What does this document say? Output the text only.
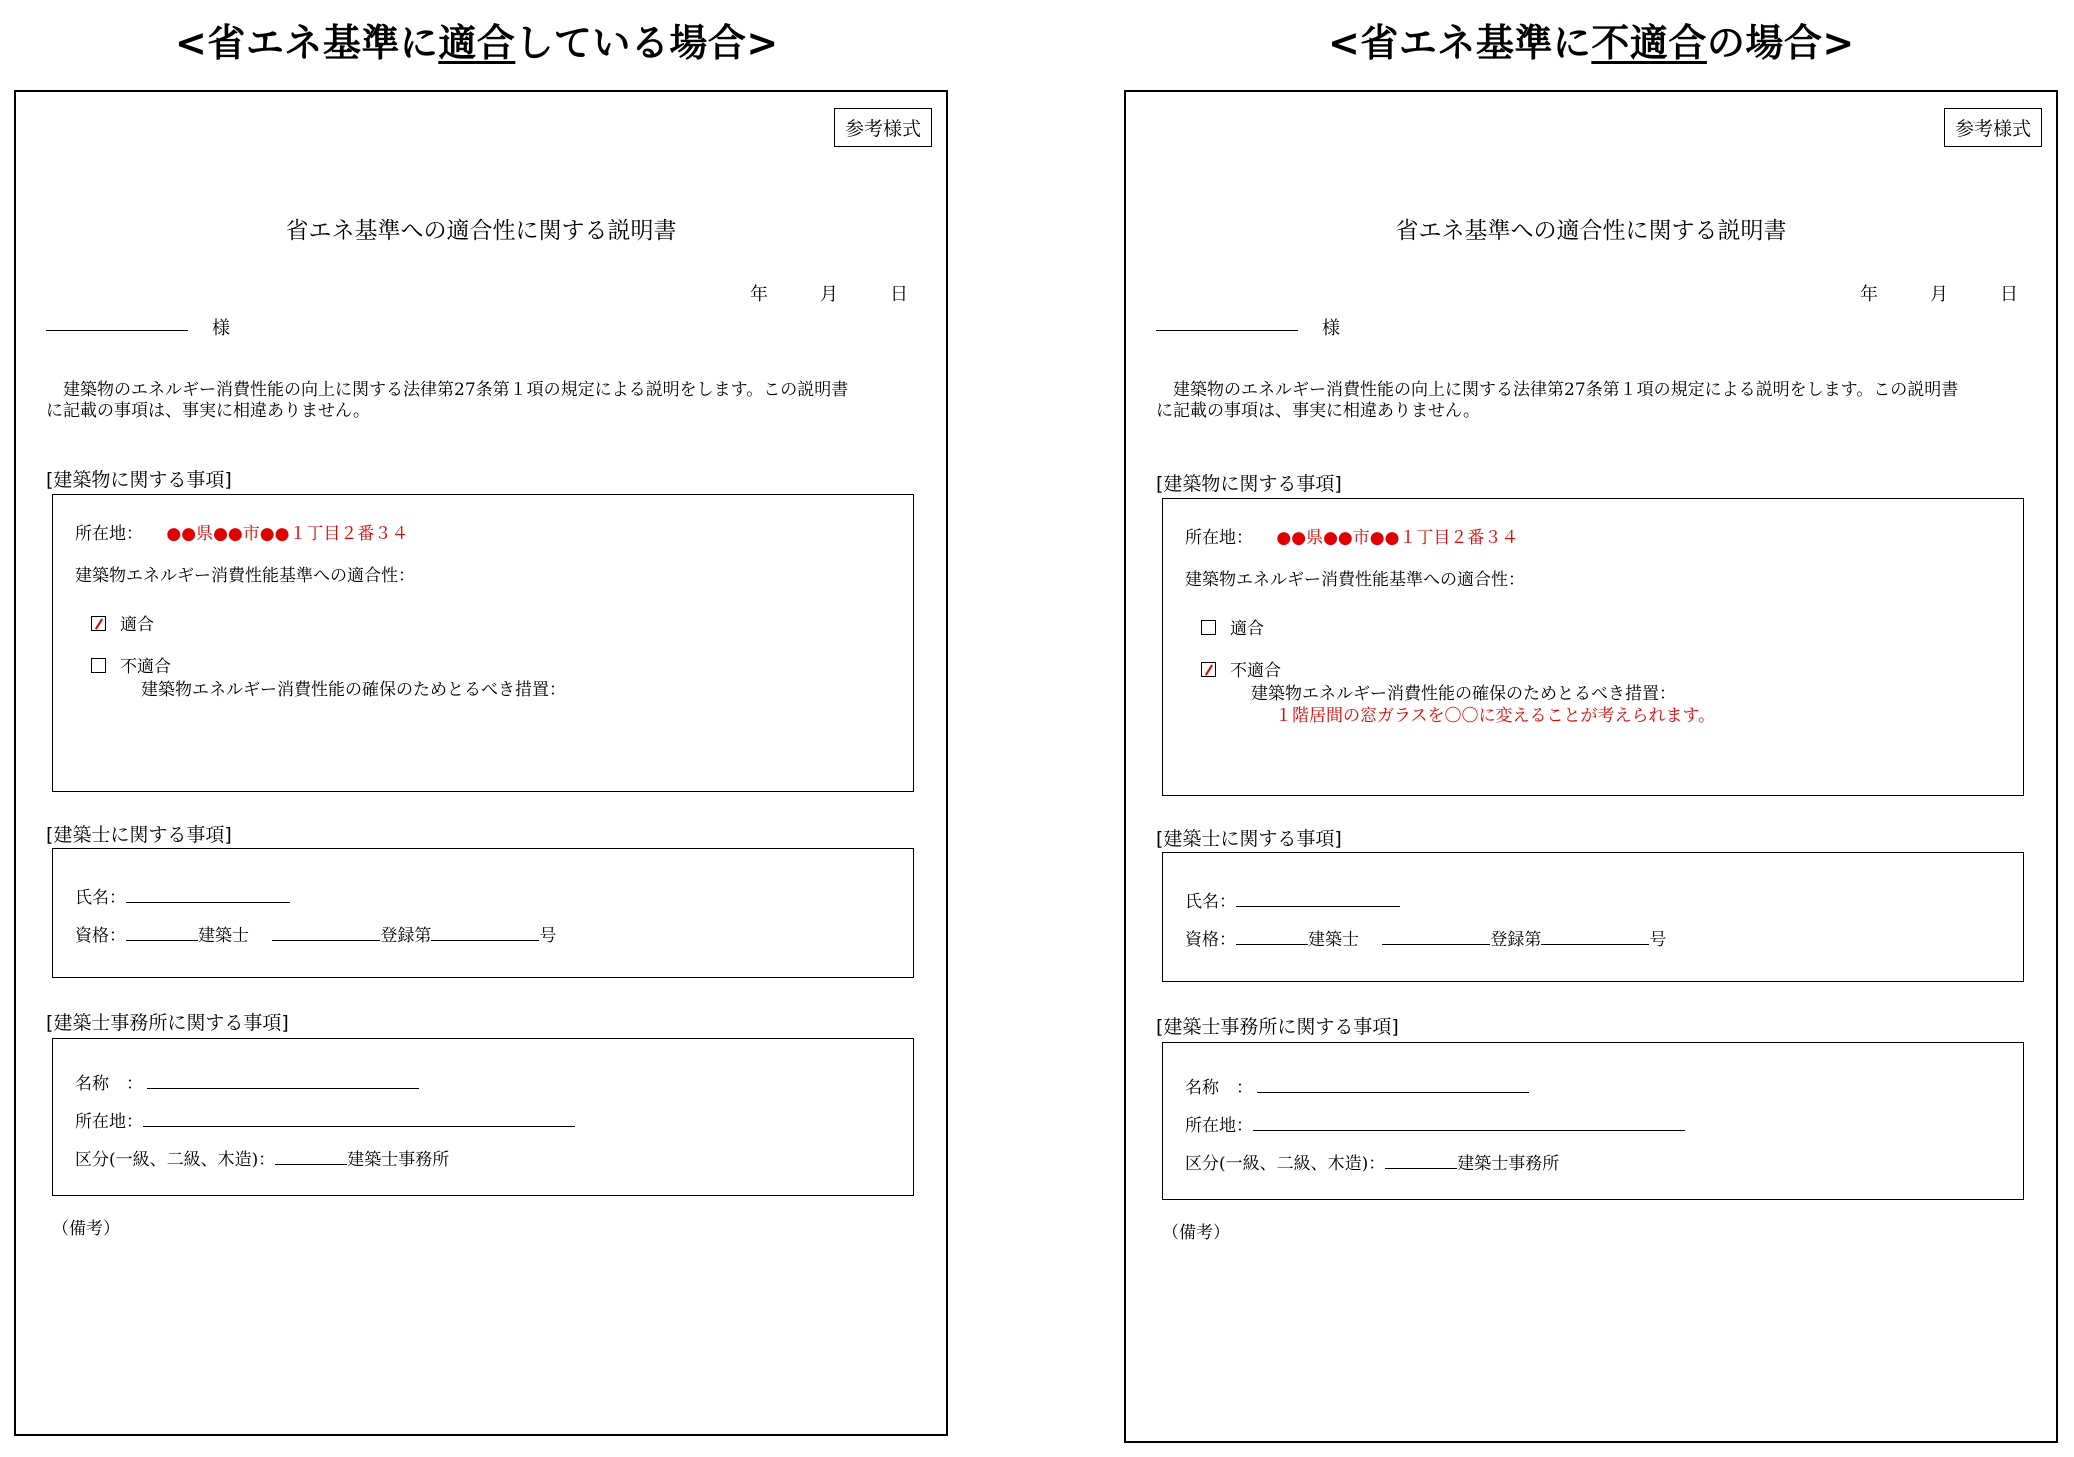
<省エネ基準に適合している場合>	<省エネ基準に不適合の場合>
参考様式
省エネ基準への適合性に関する説明書
年	月	日
様
　建築物のエネルギー消費性能の向上に関する法律第27条第１項の規定による説明をします。この説明書
に記載の事項は、事実に相違ありません。
[建築物に関する事項]
所在地： ●●県●●市●●１丁目２番３４
建築物エネルギー消費性能基準への適合性：
適合
不適合
建築物エネルギー消費性能の確保のためとるべき措置：
[建築士に関する事項]
氏名：
資格：	建築士	登録第	号
[建築士事務所に関する事項]
名称　：
所在地：
区分(一級、二級、木造)：	建築士事務所
（備考）
参考様式
省エネ基準への適合性に関する説明書
年	月	日
様
　建築物のエネルギー消費性能の向上に関する法律第27条第１項の規定による説明をします。この説明書
に記載の事項は、事実に相違ありません。
[建築物に関する事項]
所在地： ●●県●●市●●１丁目２番３４
建築物エネルギー消費性能基準への適合性：
適合
不適合
建築物エネルギー消費性能の確保のためとるべき措置：
１階居間の窓ガラスを〇〇に変えることが考えられます。
[建築士に関する事項]
氏名：
資格：	建築士	登録第	号
[建築士事務所に関する事項]
名称　：
所在地：
区分(一級、二級、木造)：	建築士事務所
（備考）
